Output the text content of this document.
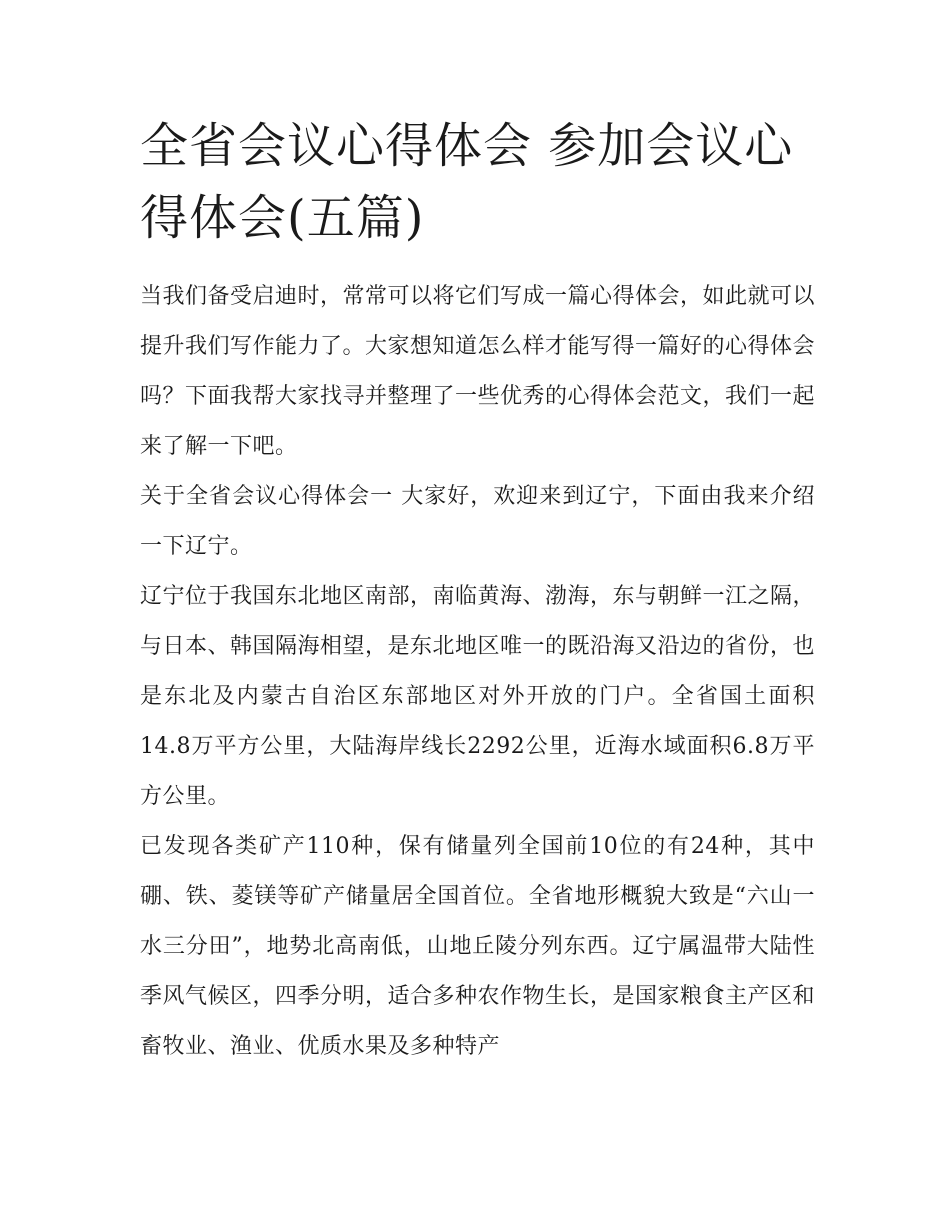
全省会议心得体会 参加会议心得体会(五篇)

当我们备受启迪时，常常可以将它们写成一篇心得体会，如此就可以提升我们写作能力了。大家想知道怎么样才能写得一篇好的心得体会吗？下面我帮大家找寻并整理了一些优秀的心得体会范文，我们一起来了解一下吧。

关于全省会议心得体会一 大家好，欢迎来到辽宁，下面由我来介绍一下辽宁。

辽宁位于我国东北地区南部，南临黄海、渤海，东与朝鲜一江之隔，与日本、韩国隔海相望，是东北地区唯一的既沿海又沿边的省份，也是东北及内蒙古自治区东部地区对外开放的门户。全省国土面积14.8万平方公里，大陆海岸线长2292公里，近海水域面积6.8万平方公里。

已发现各类矿产110种，保有储量列全国前10位的有24种，其中硼、铁、菱镁等矿产储量居全国首位。全省地形概貌大致是“六山一水三分田”，地势北高南低，山地丘陵分列东西。辽宁属温带大陆性季风气候区，四季分明，适合多种农作物生长，是国家粮食主产区和畜牧业、渔业、优质水果及多种特产
